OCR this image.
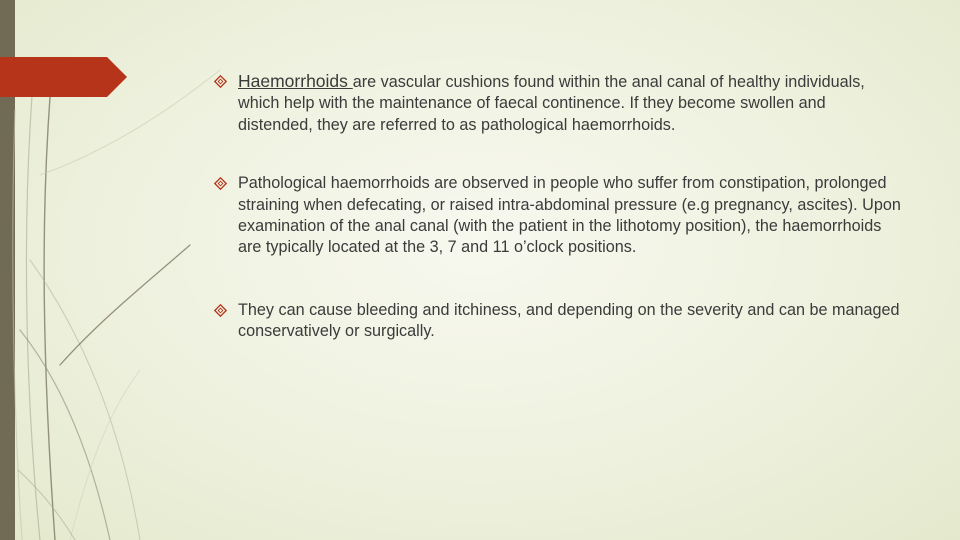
Haemorrhoids are vascular cushions found within the anal canal of healthy individuals, which help with the maintenance of faecal continence. If they become swollen and distended, they are referred to as pathological haemorrhoids.
Pathological haemorrhoids are observed in people who suffer from constipation, prolonged straining when defecating, or raised intra-abdominal pressure (e.g pregnancy, ascites). Upon examination of the anal canal (with the patient in the lithotomy position), the haemorrhoids are typically located at the 3, 7 and 11 o’clock positions.
They can cause bleeding and itchiness, and depending on the severity and can be managed conservatively or surgically.
